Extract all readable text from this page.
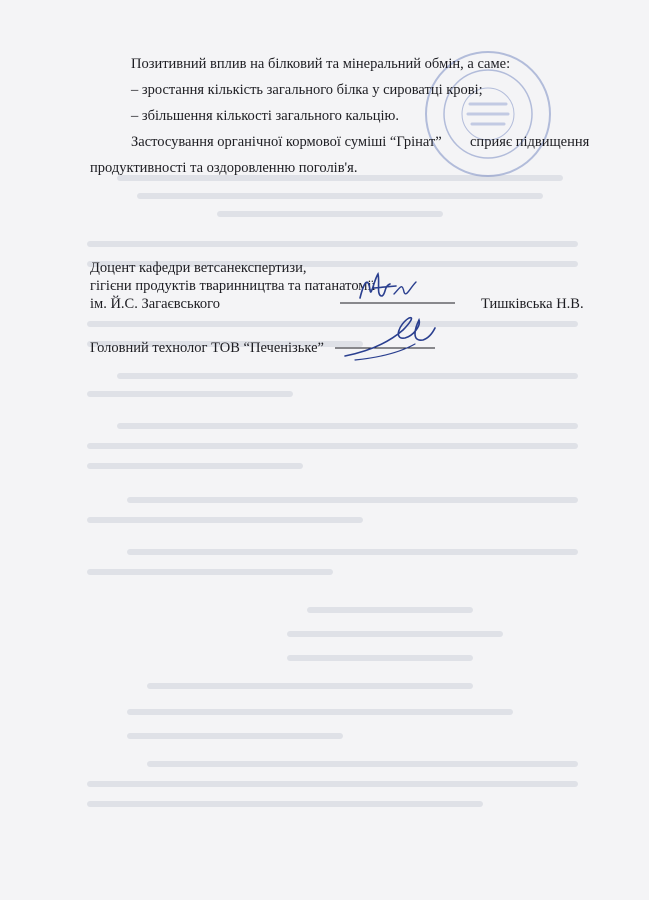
Позитивний вплив на білковий та мінеральний обмін, а саме:
– зростання кількість загального білка у сироватці крові;
– збільшення кількості загального кальцію.
Застосування органічної кормової суміші “Грінат” сприяє підвищення
продуктивності та оздоровленню поголів'я.
Доцент кафедри ветсанекспертизи,
гігієни продуктів тваринництва та патанатомії
ім. Й.С. Загаєвського	Тишківська Н.В.
Головний технолог ТОВ “Печенізьке”
